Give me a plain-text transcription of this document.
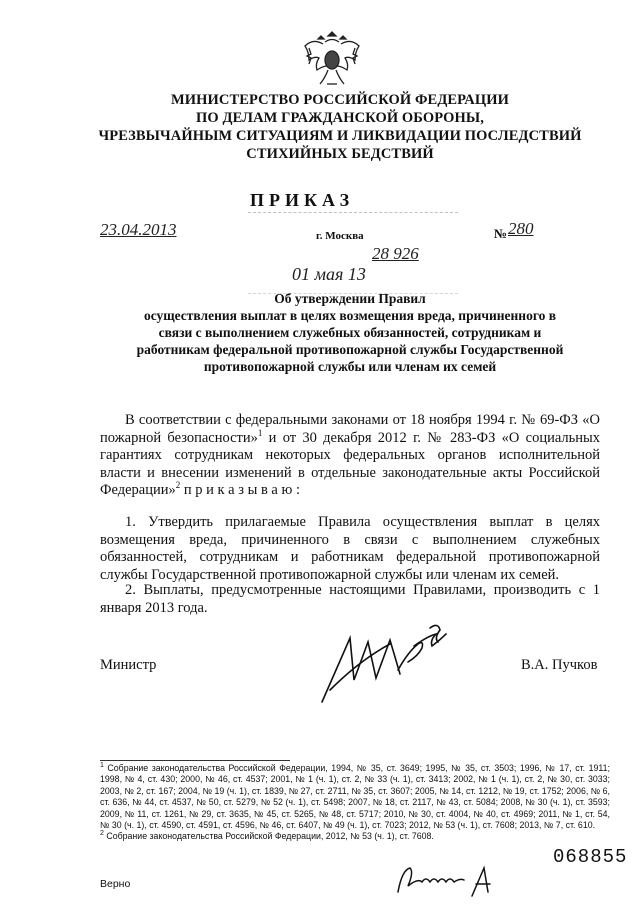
МИНИСТЕРСТВО РОССИЙСКОЙ ФЕДЕРАЦИИ
ПО ДЕЛАМ ГРАЖДАНСКОЙ ОБОРОНЫ,
ЧРЕЗВЫЧАЙНЫМ СИТУАЦИЯМ И ЛИКВИДАЦИИ ПОСЛЕДСТВИЙ
СТИХИЙНЫХ БЕДСТВИЙ
ПРИКАЗ
23.04.2013	г. Москва	№ 280
28 926
01 мая 13
Об утверждении Правил
осуществления выплат в целях возмещения вреда, причиненного в
связи с выполнением служебных обязанностей, сотрудникам и
работникам федеральной противопожарной службы Государственной
противопожарной службы или членам их семей
В соответствии с федеральными законами от 18 ноября 1994 г. № 69-ФЗ «О пожарной безопасности»$^1$ и от 30 декабря 2012 г. № 283-ФЗ «О социальных гарантиях сотрудникам некоторых федеральных органов исполнительной власти и внесении изменений в отдельные законодательные акты Российской Федерации»$^2$ п р и к а з ы в а ю :
1. Утвердить прилагаемые Правила осуществления выплат в целях возмещения вреда, причиненного в связи с выполнением служебных обязанностей, сотрудникам и работникам федеральной противопожарной службы Государственной противопожарной службы или членам их семей.
2. Выплаты, предусмотренные настоящими Правилами, производить с 1 января 2013 года.
Министр	В.А. Пучков

$^1$ Собрание законодательства Российской Федерации, 1994, № 35, ст. 3649; 1995, № 35, ст. 3503; 1996, № 17, ст. 1911; 1998, № 4, ст. 430; 2000, № 46, ст. 4537; 2001, № 1 (ч. 1), ст. 2, № 33 (ч. 1), ст. 3413; 2002, № 1 (ч. 1), ст. 2, № 30, ст. 3033; 2003, № 2, ст. 167; 2004, № 19 (ч. 1), ст. 1839, № 27, ст. 2711, № 35, ст. 3607; 2005, № 14, ст. 1212, № 19, ст. 1752; 2006, № 6, ст. 636, № 44, ст. 4537, № 50, ст. 5279, № 52 (ч. 1), ст. 5498; 2007, № 18, ст. 2117, № 43, ст. 5084; 2008, № 30 (ч. 1), ст. 3593; 2009, № 11, ст. 1261, № 29, ст. 3635, № 45, ст. 5265, № 48, ст. 5717; 2010, № 30, ст. 4004, № 40, ст. 4969; 2011, № 1, ст. 54, № 30 (ч. 1), ст. 4590, ст. 4591, ст. 4596, № 46, ст. 6407, № 49 (ч. 1), ст. 7023; 2012, № 53 (ч. 1), ст. 7608; 2013, № 7, ст. 610.

$^2$ Собрание законодательства Российской Федерации, 2012, № 53 (ч. 1), ст. 7608.

068855
Верно
